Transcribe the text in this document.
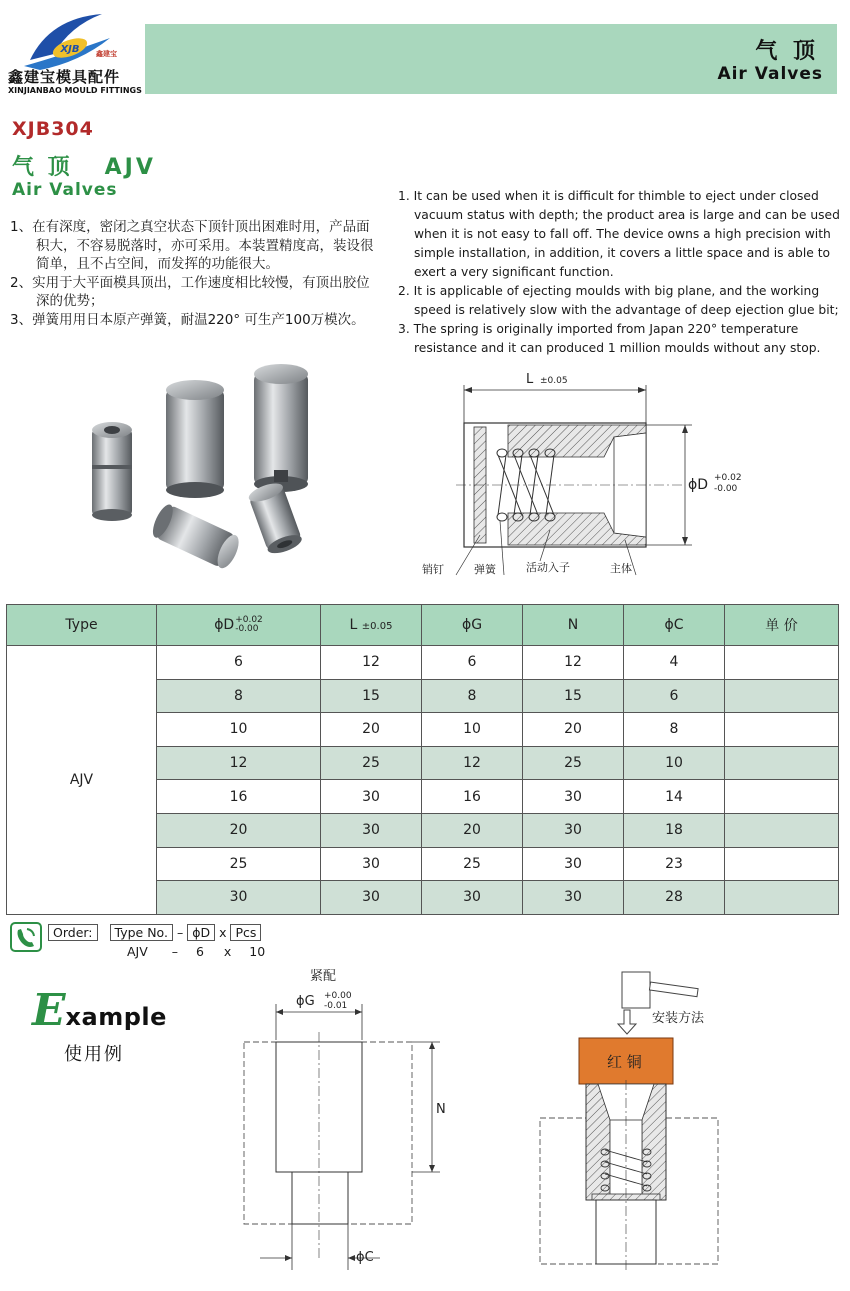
XJB 鑫建宝
鑫建宝模具配件
XINJIANBAO MOULD FITTINGS
气 顶
Air Valves
XJB304
气 顶   AJV
Air Valves
1、在有深度，密闭之真空状态下顶针顶出困难时用，产品面积大，不容易脱落时，亦可采用。本装置精度高，装设很简单，且不占空间，而发挥的功能很大。
2、实用于大平面模具顶出，工作速度相比较慢，有顶出胶位深的优势；
3、弹簧用用日本原产弹簧，耐温220° 可生产100万模次。
1. It can be used when it is difficult for thimble to eject under closed vacuum status with depth; the product area is large and can be used when it is not easy to fall off. The device owns a high precision with simple installation, in addition, it covers a little space and is able to exert a very significant function.
2. It is applicable of ejecting moulds with big plane, and the working speed is relatively slow with the advantage of deep ejection glue bit;
3. The spring is originally imported from Japan 220° temperature resistance and it can produced 1 million moulds without any stop.
L ±0.05
ϕD +0.02
-0.00
销钉	弹簧	活动入子	主体
Type	ϕD+0.02
-0.00	L ±0.05	ϕG	N	ϕC	单 价
AJV	6	12	6	12	4	
	8	15	8	15	6	
	10	20	10	20	8	
	12	25	12	25	10	
	16	30	16	30	14	
	20	30	20	30	18	
	25	30	25	30	23	
	30	30	30	30	28	
Order:	Type No. – ϕD x Pcs
AJV – 6 x 10
Example
使用例
紧配
ϕG +0.00
-0.01
N
ϕC
安装方法
红 铜
